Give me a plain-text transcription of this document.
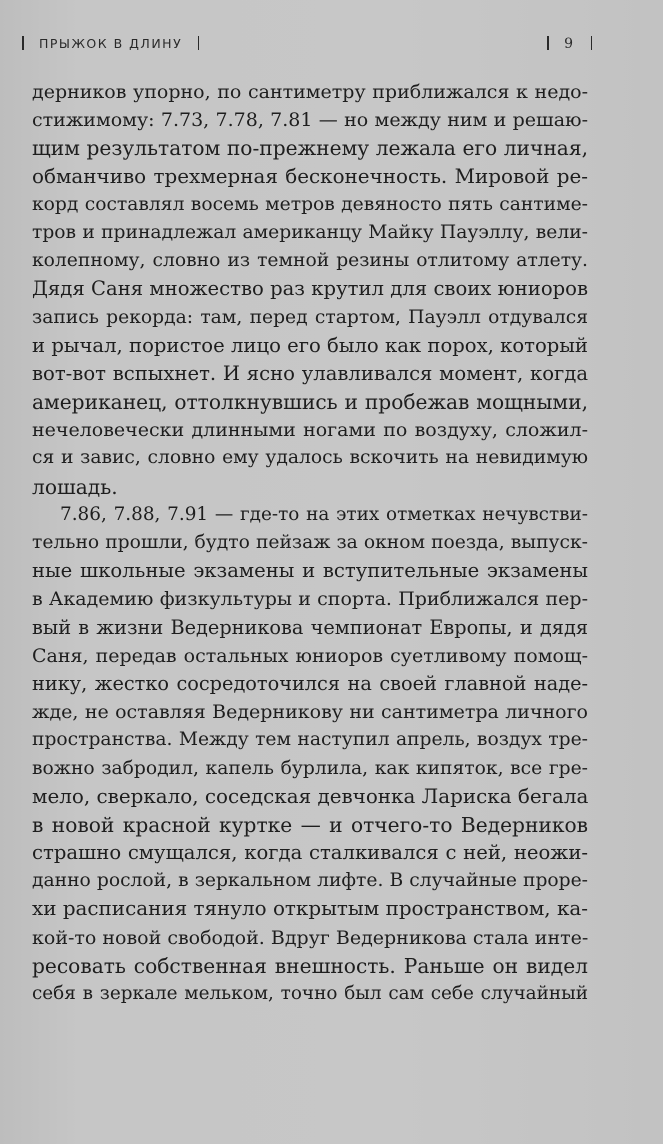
ПРЫЖОК В ДЛИНУ	9
дерников упорно, по сантиметру приближался к недо-
стижимому: 7.73, 7.78, 7.81 — но между ним и решаю-
щим результатом по-прежнему лежала его личная,
обманчиво трехмерная бесконечность. Мировой ре-
корд составлял восемь метров девяносто пять сантиме-
тров и принадлежал американцу Майку Пауэллу, вели-
колепному, словно из темной резины отлитому атлету.
Дядя Саня множество раз крутил для своих юниоров
запись рекорда: там, перед стартом, Пауэлл отдувался
и рычал, пористое лицо его было как порох, который
вот-вот вспыхнет. И ясно улавливался момент, когда
американец, оттолкнувшись и пробежав мощными,
нечеловечески длинными ногами по воздуху, сложил-
ся и завис, словно ему удалось вскочить на невидимую
лошадь.
7.86, 7.88, 7.91 — где-то на этих отметках нечувстви-
тельно прошли, будто пейзаж за окном поезда, выпуск-
ные школьные экзамены и вступительные экзамены
в Академию физкультуры и спорта. Приближался пер-
вый в жизни Ведерникова чемпионат Европы, и дядя
Саня, передав остальных юниоров суетливому помощ-
нику, жестко сосредоточился на своей главной наде-
жде, не оставляя Ведерникову ни сантиметра личного
пространства. Между тем наступил апрель, воздух тре-
вожно забродил, капель бурлила, как кипяток, все гре-
мело, сверкало, соседская девчонка Лариска бегала
в новой красной куртке — и отчего-то Ведерников
страшно смущался, когда сталкивался с ней, неожи-
данно рослой, в зеркальном лифте. В случайные проре-
хи расписания тянуло открытым пространством, ка-
кой-то новой свободой. Вдруг Ведерникова стала инте-
ресовать собственная внешность. Раньше он видел
себя в зеркале мельком, точно был сам себе случайный
